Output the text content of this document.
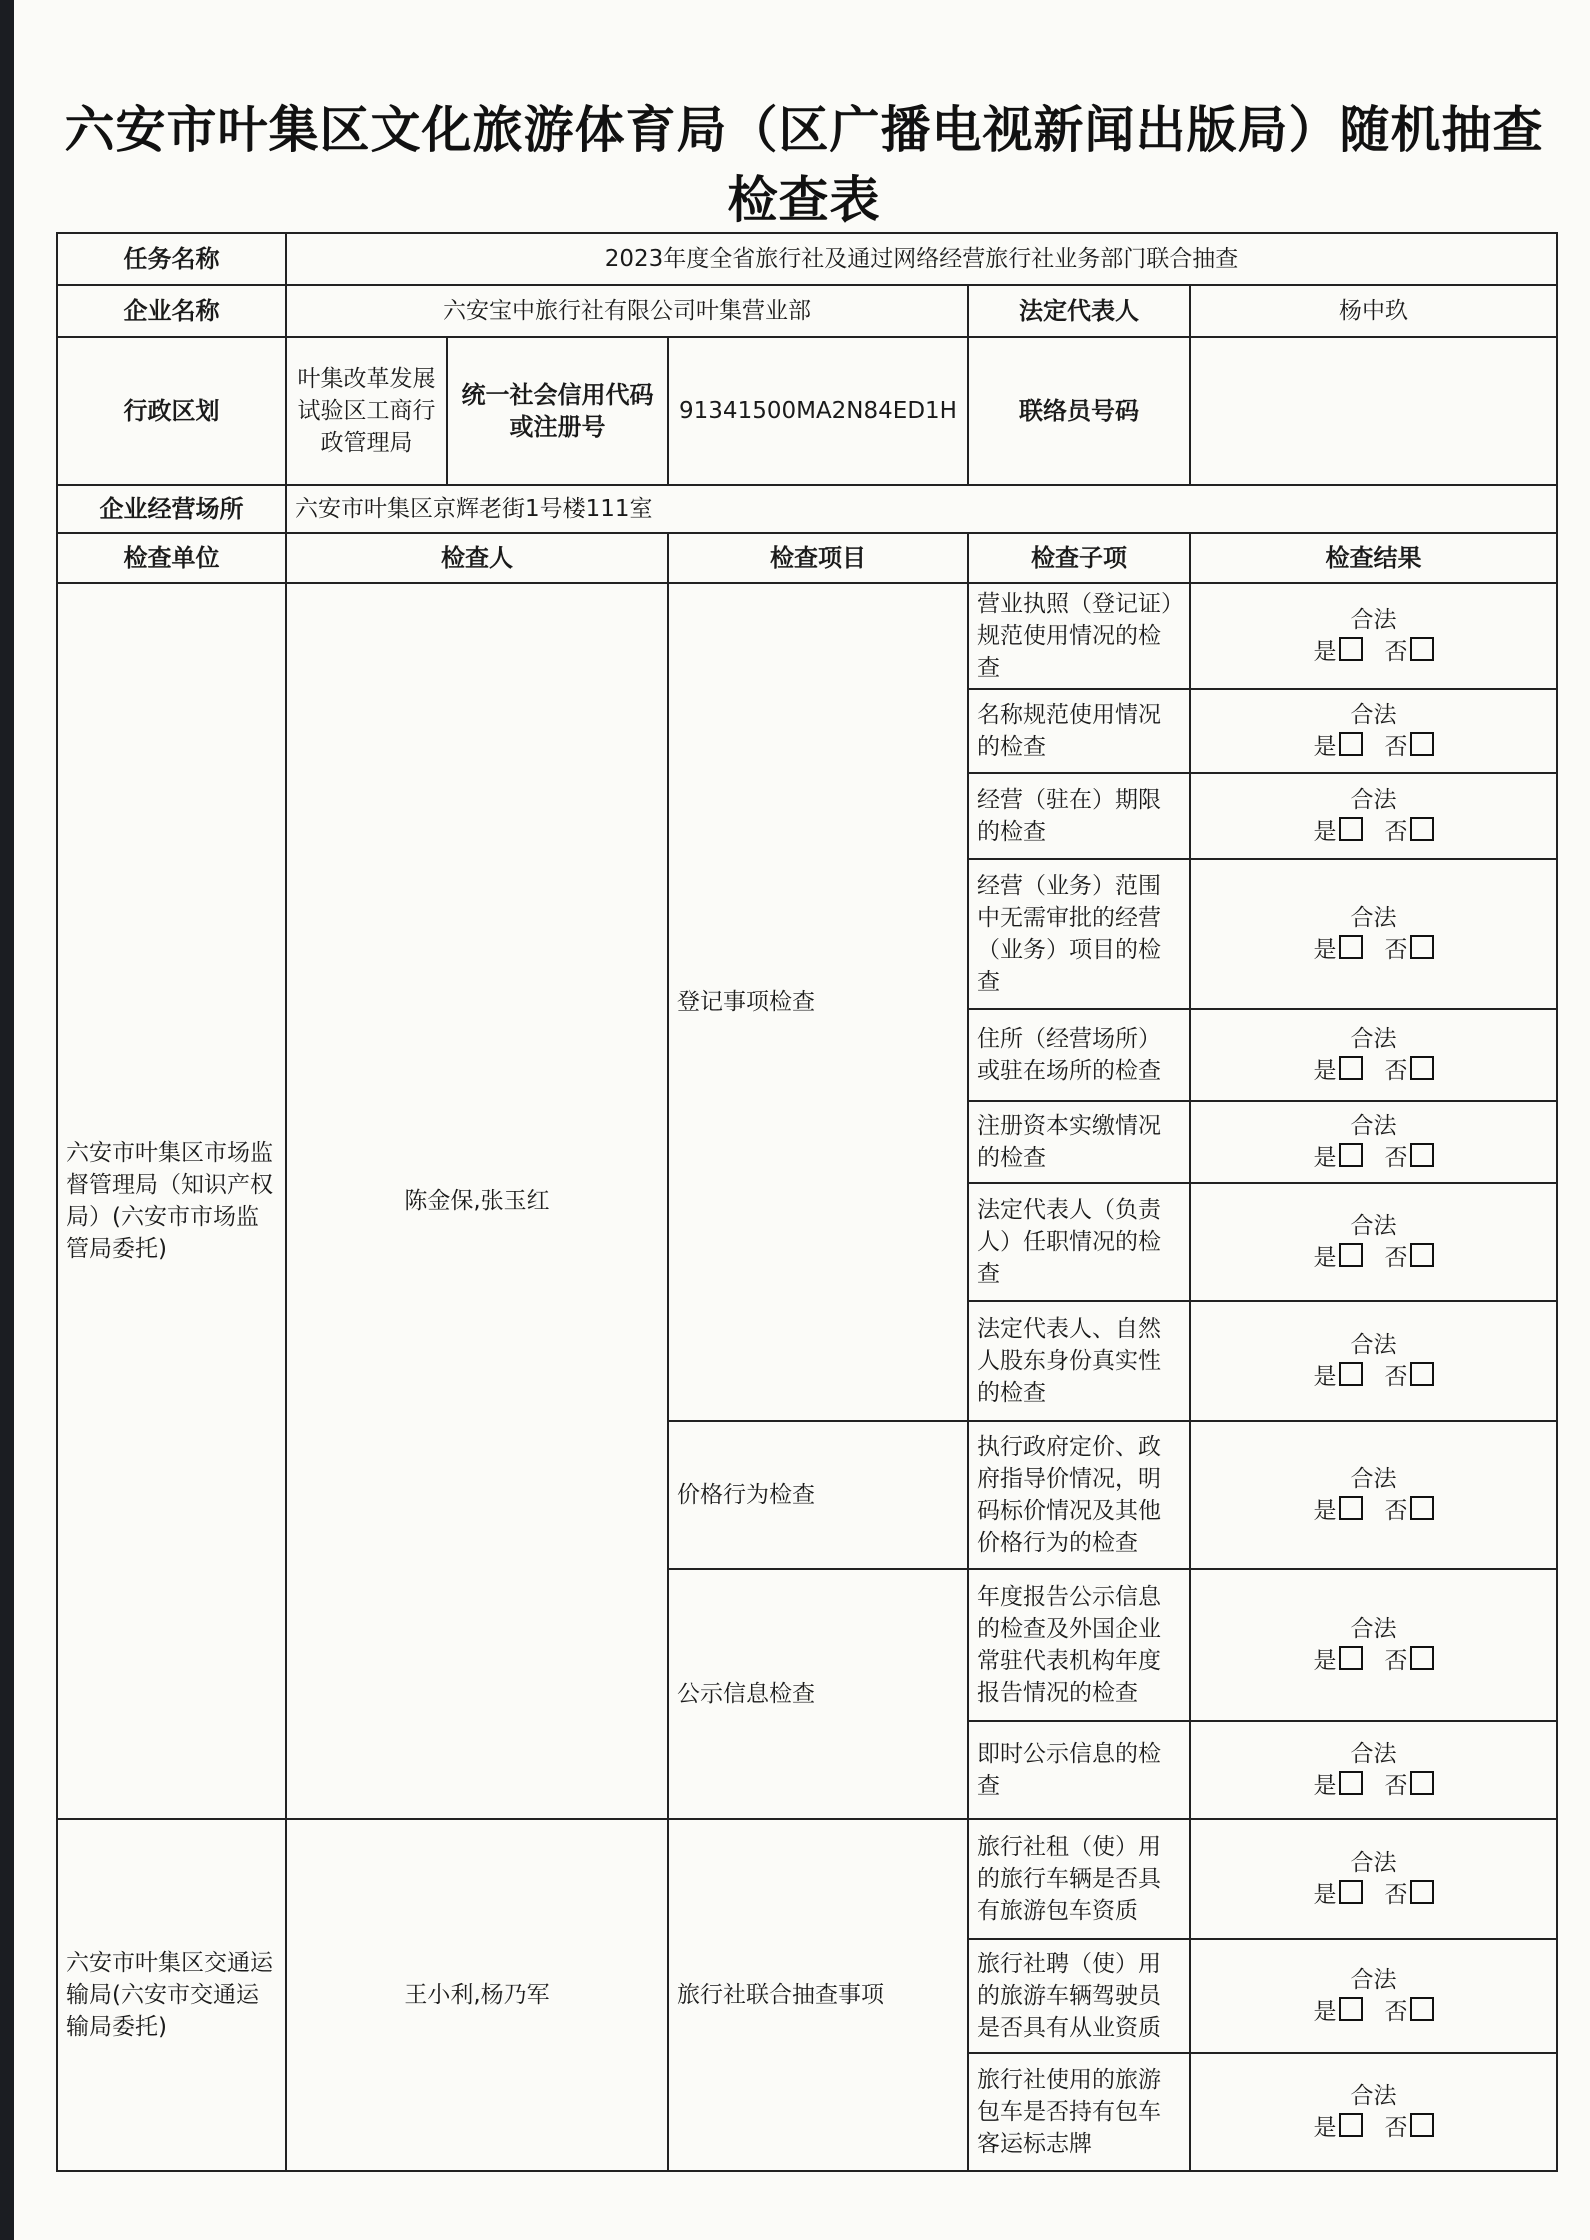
六安市叶集区文化旅游体育局（区广播电视新闻出版局）随机抽查检查表
任务名称	2023年度全省旅行社及通过网络经营旅行社业务部门联合抽查				
企业名称	六安宝中旅行社有限公司叶集营业部			法定代表人	杨中玖
行政区划	叶集改革发展试验区工商行政管理局	统一社会信用代码或注册号	91341500MA2N84ED1H	联络员号码	
企业经营场所	六安市叶集区京辉老街1号楼111室				
检查单位	检查人		检查项目	检查子项	检查结果
六安市叶集区市场监督管理局（知识产权局）(六安市市场监管局委托)	陈金保,张玉红		登记事项检查	营业执照（登记证）规范使用情况的检查	合法
是 否

				名称规范使用情况的检查	合法
是 否

				经营（驻在）期限的检查	合法
是 否

				经营（业务）范围中无需审批的经营（业务）项目的检查	合法
是 否

				住所（经营场所）或驻在场所的检查	合法
是 否

				注册资本实缴情况的检查	合法
是 否

				法定代表人（负责人）任职情况的检查	合法
是 否

				法定代表人、自然人股东身份真实性的检查	合法
是 否

			价格行为检查	执行政府定价、政府指导价情况，明码标价情况及其他价格行为的检查	合法
是 否

			公示信息检查	年度报告公示信息的检查及外国企业常驻代表机构年度报告情况的检查	合法
是 否

				即时公示信息的检查	合法
是 否

六安市叶集区交通运输局(六安市交通运输局委托)	王小利,杨乃军		旅行社联合抽查事项	旅行社租（使）用的旅行车辆是否具有旅游包车资质	合法
是 否

				旅行社聘（使）用的旅游车辆驾驶员是否具有从业资质	合法
是 否

				旅行社使用的旅游包车是否持有包车客运标志牌	合法
是 否
